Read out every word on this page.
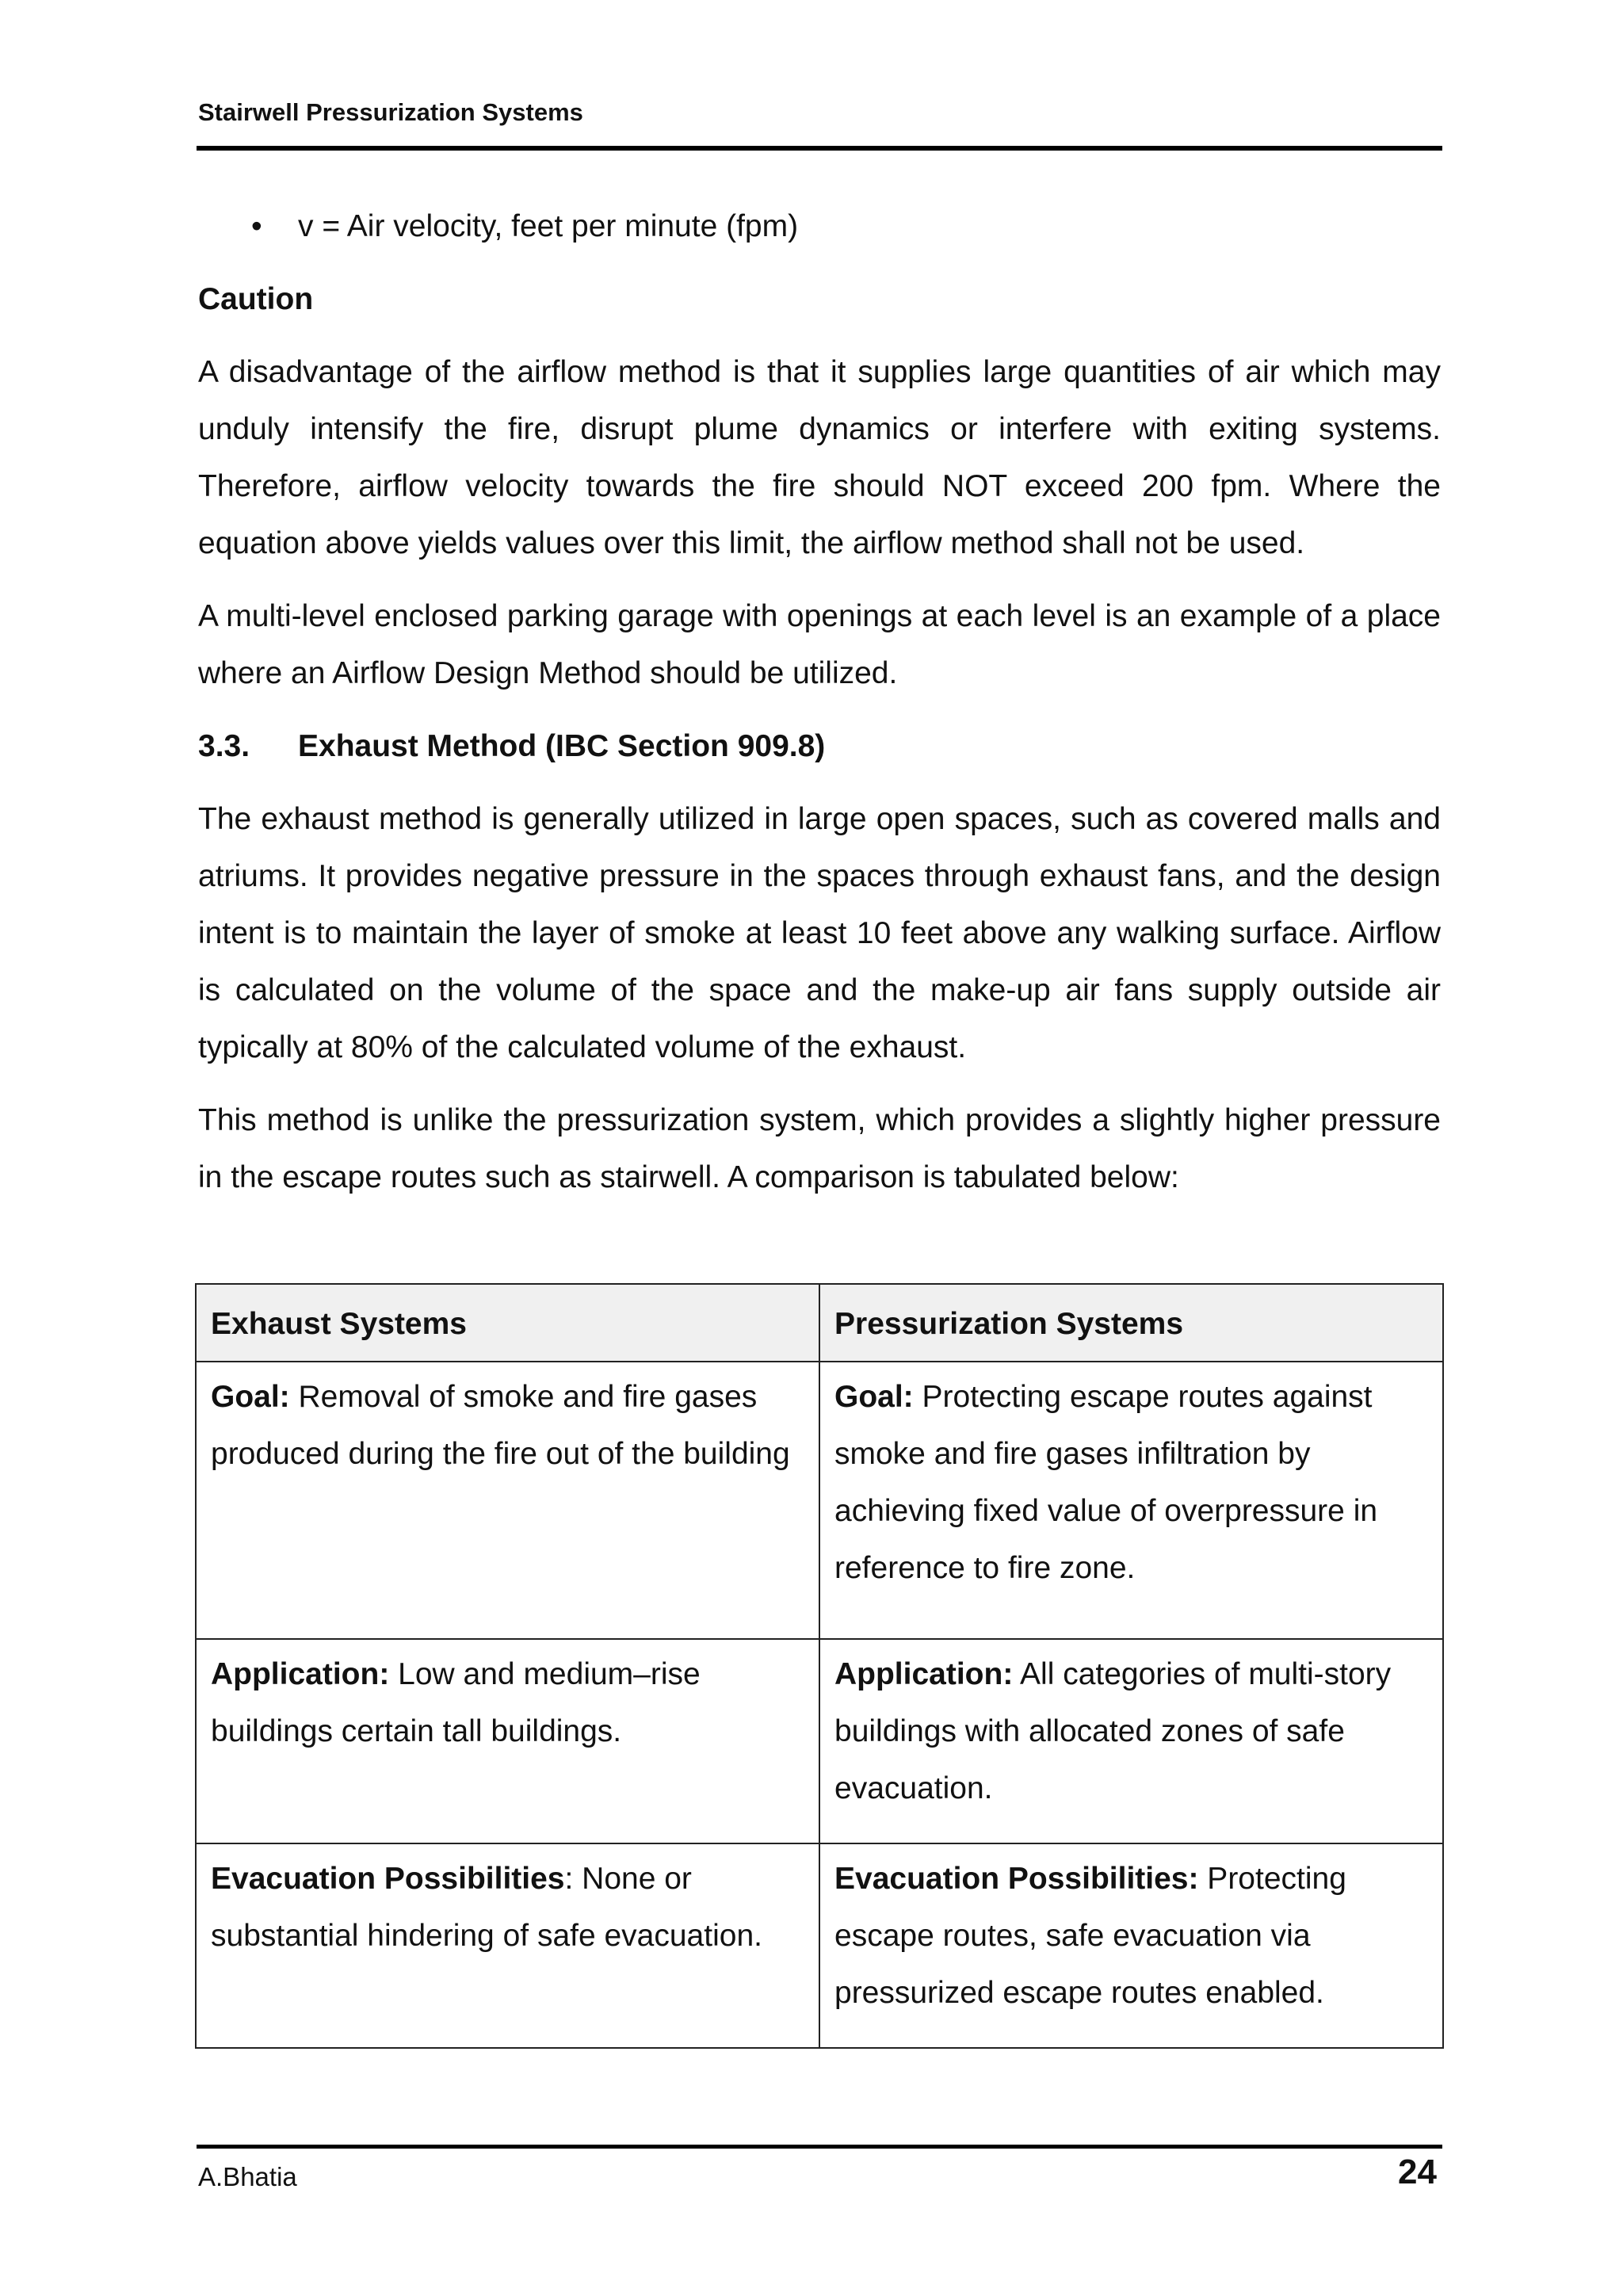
Stairwell Pressurization Systems
• v = Air velocity, feet per minute (fpm)
Caution

A disadvantage of the airflow method is that it supplies large quantities of air which may unduly intensify the fire, disrupt plume dynamics or interfere with exiting systems. Therefore, airflow velocity towards the fire should NOT exceed 200 fpm. Where the equation above yields values over this limit, the airflow method shall not be used.

A multi-level enclosed parking garage with openings at each level is an example of a place where an Airflow Design Method should be utilized.

3.3. Exhaust Method (IBC Section 909.8)

The exhaust method is generally utilized in large open spaces, such as covered malls and atriums. It provides negative pressure in the spaces through exhaust fans, and the design intent is to maintain the layer of smoke at least 10 feet above any walking surface. Airflow is calculated on the volume of the space and the make-up air fans supply outside air typically at 80% of the calculated volume of the exhaust.

This method is unlike the pressurization system, which provides a slightly higher pressure in the escape routes such as stairwell. A comparison is tabulated below:

Exhaust Systems	Pressurization Systems
Goal: Removal of smoke and fire gases produced during the fire out of the building	Goal: Protecting escape routes against smoke and fire gases infiltration by achieving fixed value of overpressure in reference to fire zone.
Application: Low and medium–rise buildings certain tall buildings.	Application: All categories of multi-story buildings with allocated zones of safe evacuation.
Evacuation Possibilities: None or substantial hindering of safe evacuation.	Evacuation Possibilities: Protecting escape routes, safe evacuation via pressurized escape routes enabled.
A.Bhatia	24
